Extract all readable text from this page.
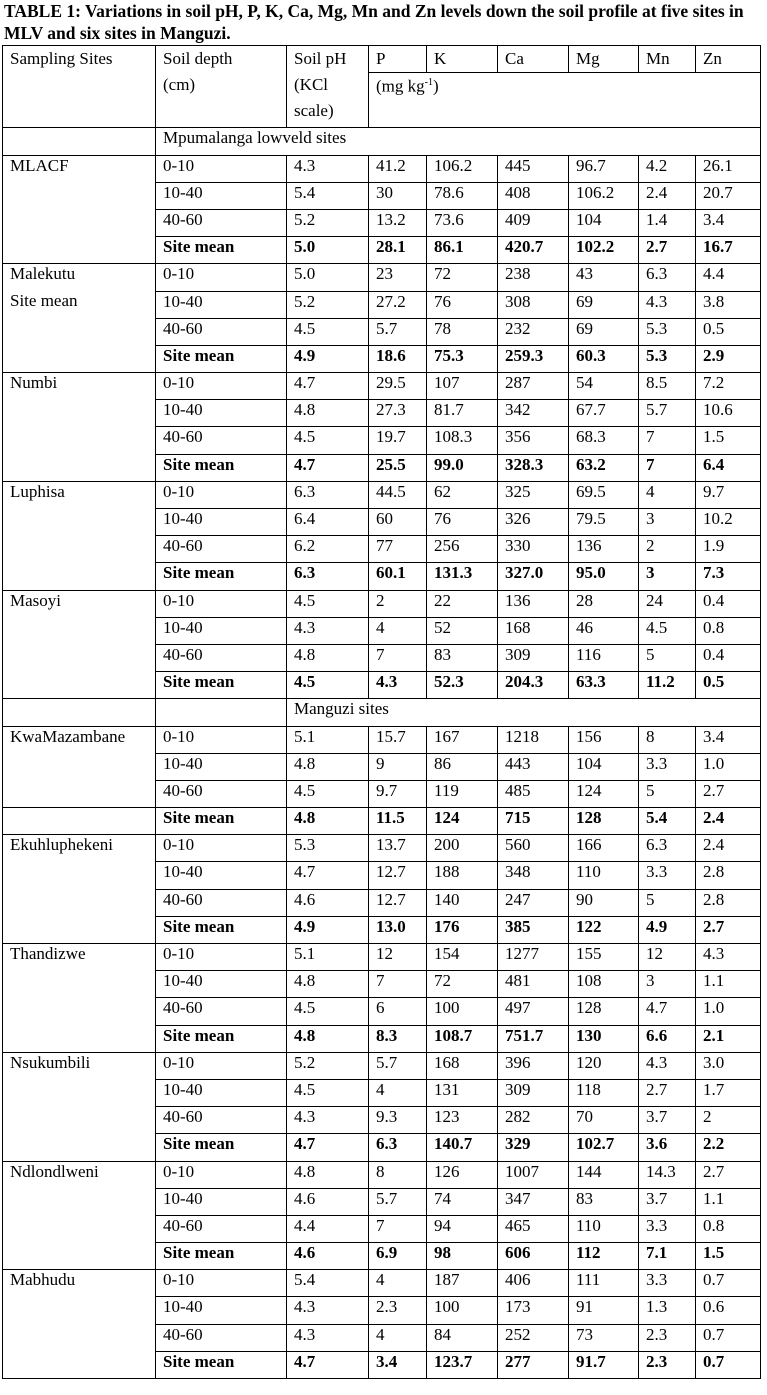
TABLE 1: Variations in soil pH, P, K, Ca, Mg, Mn and Zn levels down the soil profile at five sites in MLV and six sites in Manguzi.
Sampling Sites	Soil depth (cm)	Soil pH (KCl scale)	P	K	Ca	Mg	Mn	Zn
			(mg $kg^{-1}$)					

	Mpumalanga lowveld sites							

MLACF	0-10	4.3	41.2	106.2	445	96.7	4.2	26.1
	10-40	5.4	30	78.6	408	106.2	2.4	20.7
	40-60	5.2	13.2	73.6	409	104	1.4	3.4
	Site mean	5.0	28.1	86.1	420.7	102.2	2.7	16.7

Malekutu
Site mean	0-10	5.0	23	72	238	43	6.3	4.4
	10-40	5.2	27.2	76	308	69	4.3	3.8
	40-60	4.5	5.7	78	232	69	5.3	0.5
	Site mean	4.9	18.6	75.3	259.3	60.3	5.3	2.9

Numbi	0-10	4.7	29.5	107	287	54	8.5	7.2
	10-40	4.8	27.3	81.7	342	67.7	5.7	10.6
	40-60	4.5	19.7	108.3	356	68.3	7	1.5
	Site mean	4.7	25.5	99.0	328.3	63.2	7	6.4

Luphisa	0-10	6.3	44.5	62	325	69.5	4	9.7
	10-40	6.4	60	76	326	79.5	3	10.2
	40-60	6.2	77	256	330	136	2	1.9
	Site mean	6.3	60.1	131.3	327.0	95.0	3	7.3

Masoyi	0-10	4.5	2	22	136	28	24	0.4
	10-40	4.3	4	52	168	46	4.5	0.8
	40-60	4.8	7	83	309	116	5	0.4
	Site mean	4.5	4.3	52.3	204.3	63.3	11.2	0.5
		Manguzi sites						

KwaMazambane	0-10	5.1	15.7	167	1218	156	8	3.4
	10-40	4.8	9	86	443	104	3.3	1.0
	40-60	4.5	9.7	119	485	124	5	2.7
	Site mean	4.8	11.5	124	715	128	5.4	2.4

Ekuhluphekeni	0-10	5.3	13.7	200	560	166	6.3	2.4
	10-40	4.7	12.7	188	348	110	3.3	2.8
	40-60	4.6	12.7	140	247	90	5	2.8
	Site mean	4.9	13.0	176	385	122	4.9	2.7

Thandizwe	0-10	5.1	12	154	1277	155	12	4.3
	10-40	4.8	7	72	481	108	3	1.1
	40-60	4.5	6	100	497	128	4.7	1.0
	Site mean	4.8	8.3	108.7	751.7	130	6.6	2.1

Nsukumbili	0-10	5.2	5.7	168	396	120	4.3	3.0
	10-40	4.5	4	131	309	118	2.7	1.7
	40-60	4.3	9.3	123	282	70	3.7	2
	Site mean	4.7	6.3	140.7	329	102.7	3.6	2.2

Ndlondlweni	0-10	4.8	8	126	1007	144	14.3	2.7
	10-40	4.6	5.7	74	347	83	3.7	1.1
	40-60	4.4	7	94	465	110	3.3	0.8
	Site mean	4.6	6.9	98	606	112	7.1	1.5

Mabhudu	0-10	5.4	4	187	406	111	3.3	0.7
	10-40	4.3	2.3	100	173	91	1.3	0.6
	40-60	4.3	4	84	252	73	2.3	0.7
	Site mean	4.7	3.4	123.7	277	91.7	2.3	0.7
